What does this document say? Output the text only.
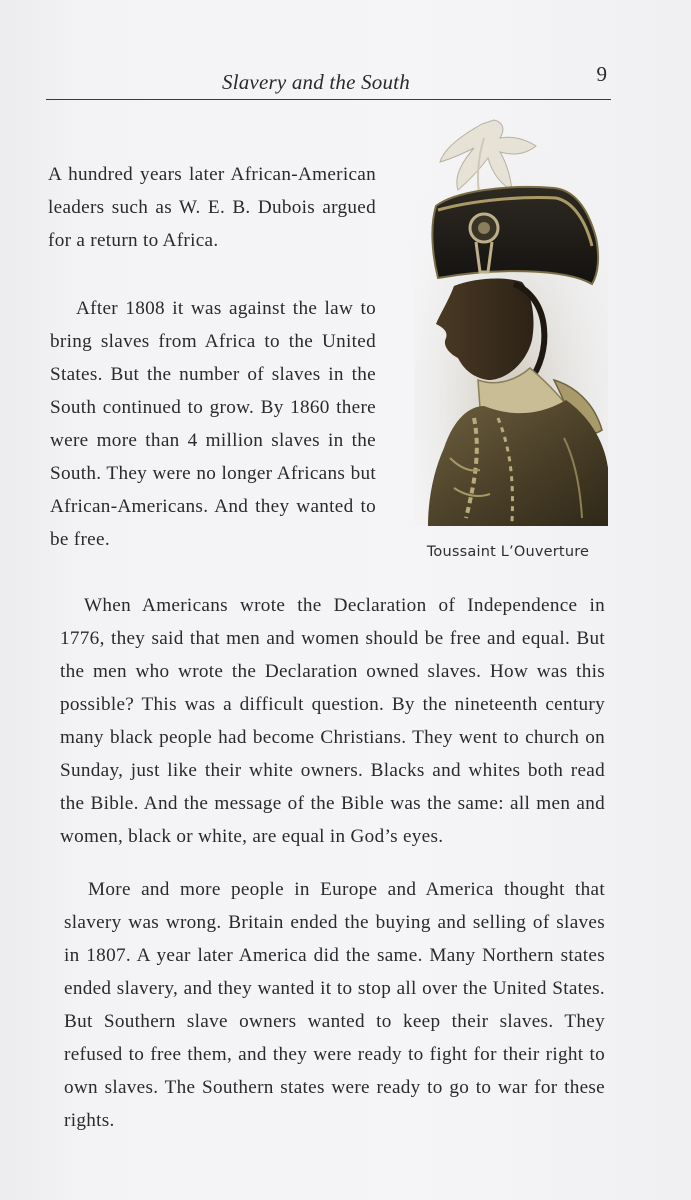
Slavery and the South	9

A hundred years later African-American leaders such as W. E. B. Dubois argued for a return to Africa.

After 1808 it was against the law to bring slaves from Africa to the United States. But the number of slaves in the South continued to grow. By 1860 there were more than 4 million slaves in the South. They were no longer Africans but African-Americans. And they wanted to be free.

Toussaint L’Ouverture

When Americans wrote the Declaration of Independence in 1776, they said that men and women should be free and equal. But the men who wrote the Declaration owned slaves. How was this possible? This was a difficult question. By the nineteenth century many black people had become Christians. They went to church on Sunday, just like their white owners. Blacks and whites both read the Bible. And the message of the Bible was the same: all men and women, black or white, are equal in God’s eyes.

More and more people in Europe and America thought that slavery was wrong. Britain ended the buying and selling of slaves in 1807. A year later America did the same. Many Northern states ended slavery, and they wanted it to stop all over the United States. But Southern slave owners wanted to keep their slaves. They refused to free them, and they were ready to fight for their right to own slaves. The Southern states were ready to go to war for these rights.
